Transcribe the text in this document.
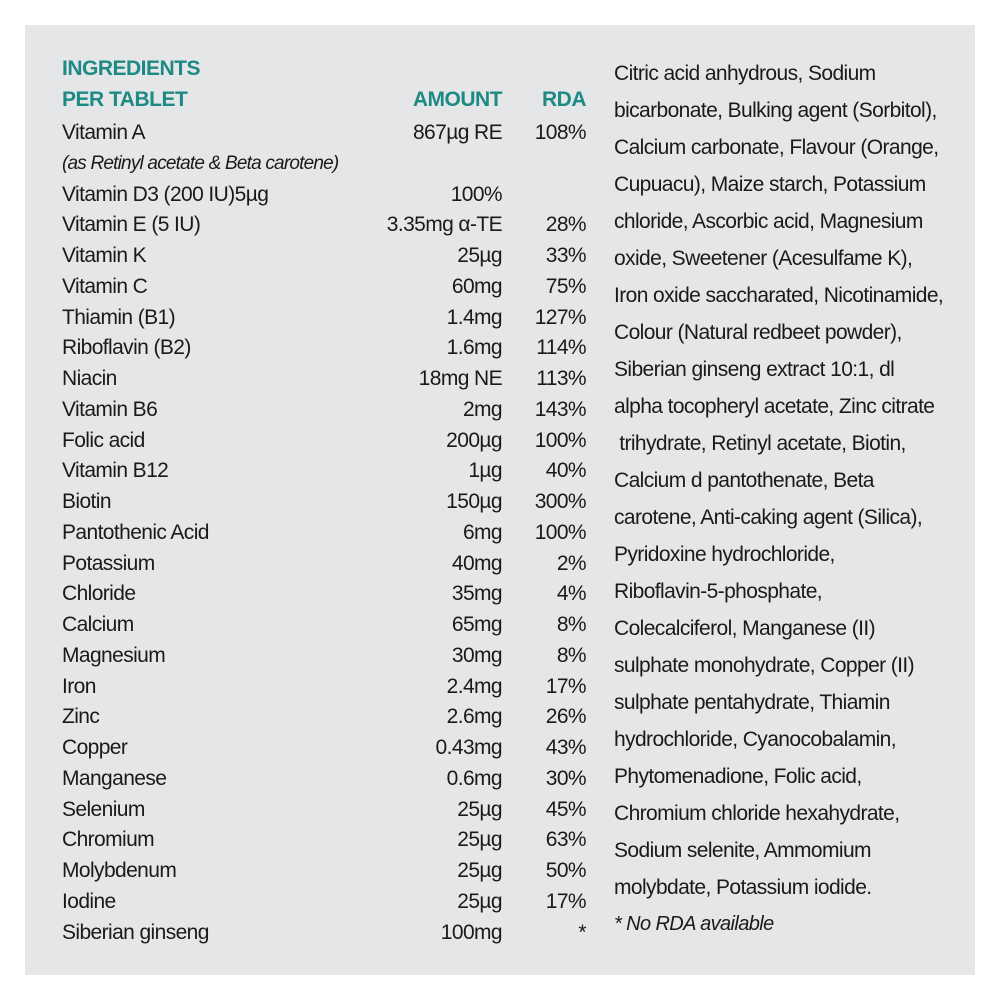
INGREDIENTS
PER TABLET	AMOUNT RDA
Vitamin A	867µg RE 108%
(as Retinyl acetate & Beta carotene)
Vitamin D3 (200 IU)5µg	100%
Vitamin E (5 IU)	3.35mg α-TE 28%
Vitamin K	25µg 33%
Vitamin C	60mg 75%
Thiamin (B1)	1.4mg 127%
Riboflavin (B2)	1.6mg 114%
Niacin	18mg NE 113%
Vitamin B6	2mg 143%
Folic acid	200µg 100%
Vitamin B12	1µg 40%
Biotin	150µg 300%
Pantothenic Acid	6mg 100%
Potassium	40mg	2%
Chloride	35mg	4%
Calcium	65mg	8%
Magnesium	30mg	8%
Iron	2.4mg 17%
Zinc	2.6mg 26%
Copper	0.43mg 43%
Manganese	0.6mg 30%
Selenium	25µg 45%
Chromium	25µg 63%
Molybdenum	25µg 50%
Iodine	25µg 17%
Siberian ginseng	100mg	*
Citric acid anhydrous, Sodium
bicarbonate, Bulking agent (Sorbitol),
Calcium carbonate, Flavour (Orange,
Cupuacu), Maize starch, Potassium
chloride, Ascorbic acid, Magnesium
oxide, Sweetener (Acesulfame K),
Iron oxide saccharated, Nicotinamide,
Colour (Natural redbeet powder),
Siberian ginseng extract 10:1, dl
alpha tocopheryl acetate, Zinc citrate
trihydrate, Retinyl acetate, Biotin,
Calcium d pantothenate, Beta
carotene, Anti-caking agent (Silica),
Pyridoxine hydrochloride,
Riboflavin-5-phosphate,
Colecalciferol, Manganese (II)
sulphate monohydrate, Copper (II)
sulphate pentahydrate, Thiamin
hydrochloride, Cyanocobalamin,
Phytomenadione, Folic acid,
Chromium chloride hexahydrate,
Sodium selenite, Ammomium
molybdate, Potassium iodide.
* No RDA available
